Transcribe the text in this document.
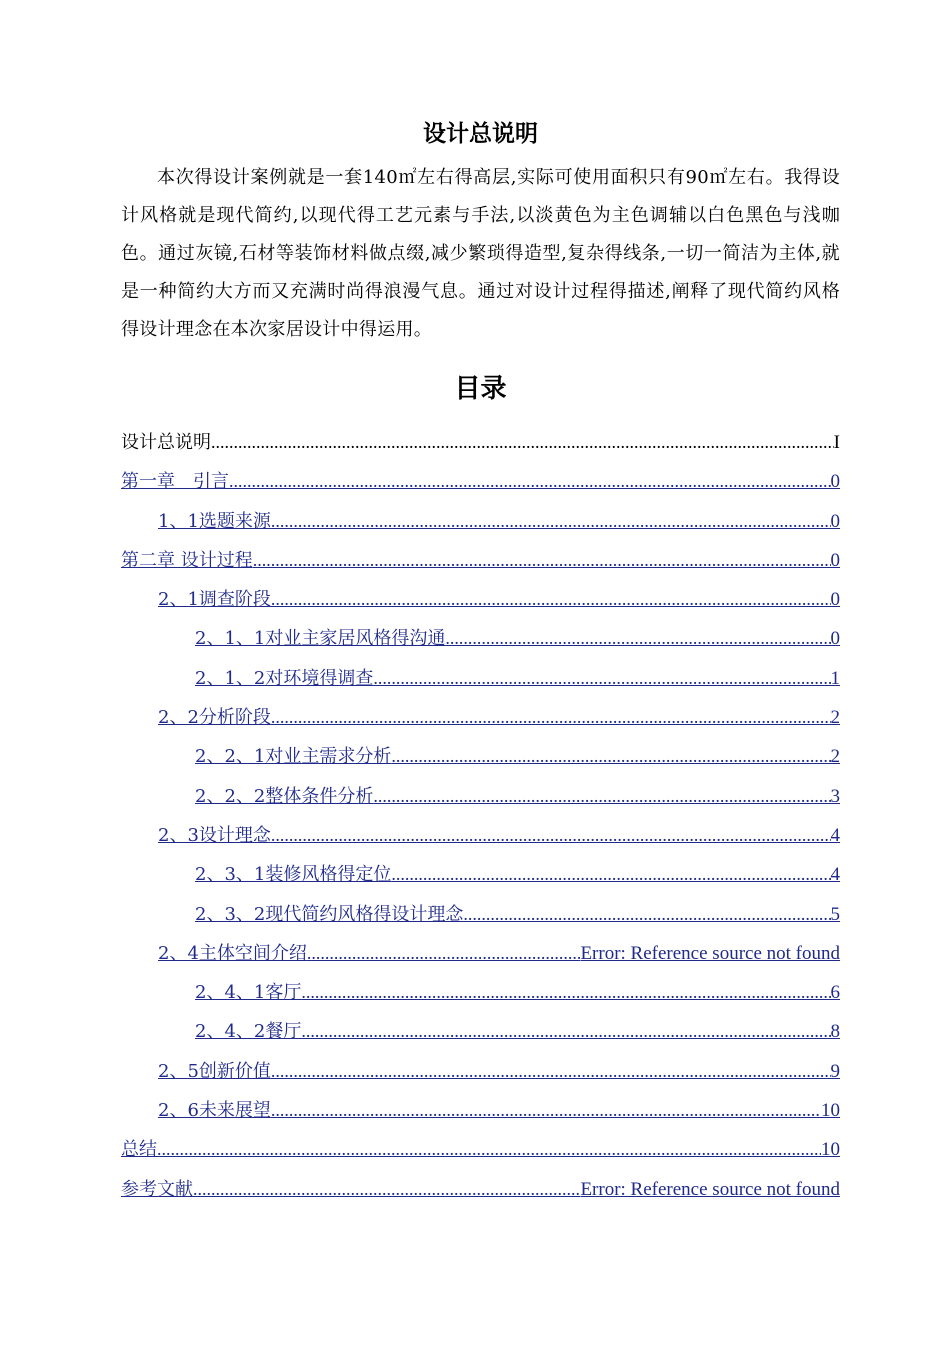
设计总说明

本次得设计案例就是一套140㎡左右得高层,实际可使用面积只有90㎡左右。我得设计风格就是现代简约,以现代得工艺元素与手法,以淡黄色为主色调辅以白色黑色与浅咖色。通过灰镜,石材等装饰材料做点缀,减少繁琐得造型,复杂得线条,一切一简洁为主体,就是一种简约大方而又充满时尚得浪漫气息。通过对设计过程得描述,阐释了现代简约风格得设计理念在本次家居设计中得运用。

目录
设计总说明 .....	I
第一章　引言 .....	0
1、1选题来源 .....	0
第二章 设计过程 .....	0
2、1调查阶段 .....	0
2、1、1对业主家居风格得沟通 .....	0
2、1、2对环境得调查 .....	1
2、2分析阶段 .....	2
2、2、1对业主需求分析 .....	2
2、2、2整体条件分析 .....	3
2、3设计理念 .....	4
2、3、1装修风格得定位 .....	4
2、3、2现代简约风格得设计理念 .....	5
2、4主体空间介绍 .....	Error: Reference source not found
2、4、1客厅 .....	6
2、4、2餐厅 .....	8
2、5创新价值 .....	9
2、6未来展望 .....	10
总结 .....	10
参考文献 .....	Error: Reference source not found
